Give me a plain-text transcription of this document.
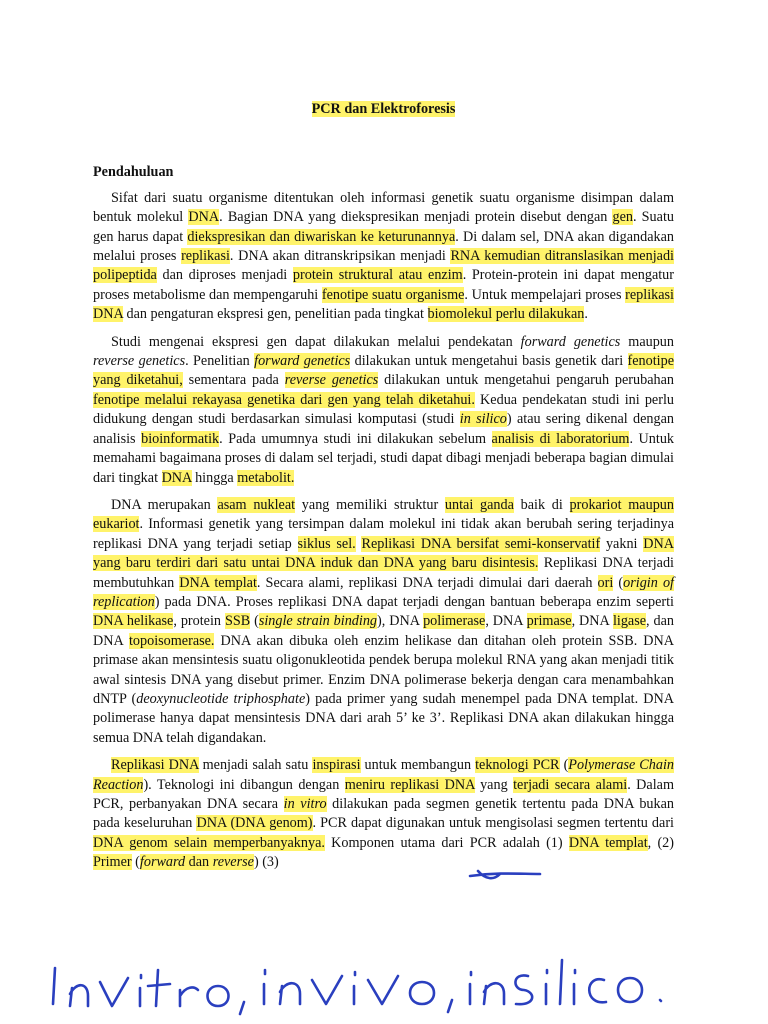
PCR dan Elektroforesis
Pendahuluan
Sifat dari suatu organisme ditentukan oleh informasi genetik suatu organisme disimpan dalam bentuk molekul DNA. Bagian DNA yang diekspresikan menjadi protein disebut dengan gen. Suatu gen harus dapat diekspresikan dan diwariskan ke keturunannya. Di dalam sel, DNA akan digandakan melalui proses replikasi. DNA akan ditranskripsikan menjadi RNA kemudian ditranslasikan menjadi polipeptida dan diproses menjadi protein struktural atau enzim. Protein-protein ini dapat mengatur proses metabolisme dan mempengaruhi fenotipe suatu organisme. Untuk mempelajari proses replikasi DNA dan pengaturan ekspresi gen, penelitian pada tingkat biomolekul perlu dilakukan.
Studi mengenai ekspresi gen dapat dilakukan melalui pendekatan forward genetics maupun reverse genetics. Penelitian forward genetics dilakukan untuk mengetahui basis genetik dari fenotipe yang diketahui, sementara pada reverse genetics dilakukan untuk mengetahui pengaruh perubahan fenotipe melalui rekayasa genetika dari gen yang telah diketahui. Kedua pendekatan studi ini perlu didukung dengan studi berdasarkan simulasi komputasi (studi in silico) atau sering dikenal dengan analisis bioinformatik. Pada umumnya studi ini dilakukan sebelum analisis di laboratorium. Untuk memahami bagaimana proses di dalam sel terjadi, studi dapat dibagi menjadi beberapa bagian dimulai dari tingkat DNA hingga metabolit.
DNA merupakan asam nukleat yang memiliki struktur untai ganda baik di prokariot maupun eukariot. Informasi genetik yang tersimpan dalam molekul ini tidak akan berubah sering terjadinya replikasi DNA yang terjadi setiap siklus sel. Replikasi DNA bersifat semi-konservatif yakni DNA yang baru terdiri dari satu untai DNA induk dan DNA yang baru disintesis. Replikasi DNA terjadi membutuhkan DNA templat. Secara alami, replikasi DNA terjadi dimulai dari daerah ori (origin of replication) pada DNA. Proses replikasi DNA dapat terjadi dengan bantuan beberapa enzim seperti DNA helikase, protein SSB (single strain binding), DNA polimerase, DNA primase, DNA ligase, dan DNA topoisomerase. DNA akan dibuka oleh enzim helikase dan ditahan oleh protein SSB. DNA primase akan mensintesis suatu oligonukleotida pendek berupa molekul RNA yang akan menjadi titik awal sintesis DNA yang disebut primer. Enzim DNA polimerase bekerja dengan cara menambahkan dNTP (deoxynucleotide triphosphate) pada primer yang sudah menempel pada DNA templat. DNA polimerase hanya dapat mensintesis DNA dari arah 5’ ke 3’. Replikasi DNA akan dilakukan hingga semua DNA telah digandakan.
Replikasi DNA menjadi salah satu inspirasi untuk membangun teknologi PCR (Polymerase Chain Reaction). Teknologi ini dibangun dengan meniru replikasi DNA yang terjadi secara alami. Dalam PCR, perbanyakan DNA secara in vitro dilakukan pada segmen genetik tertentu pada DNA bukan pada keseluruhan DNA (DNA genom). PCR dapat digunakan untuk mengisolasi segmen tertentu dari DNA genom selain memperbanyaknya. Komponen utama dari PCR adalah (1) DNA templat, (2) Primer (forward dan reverse) (3)
